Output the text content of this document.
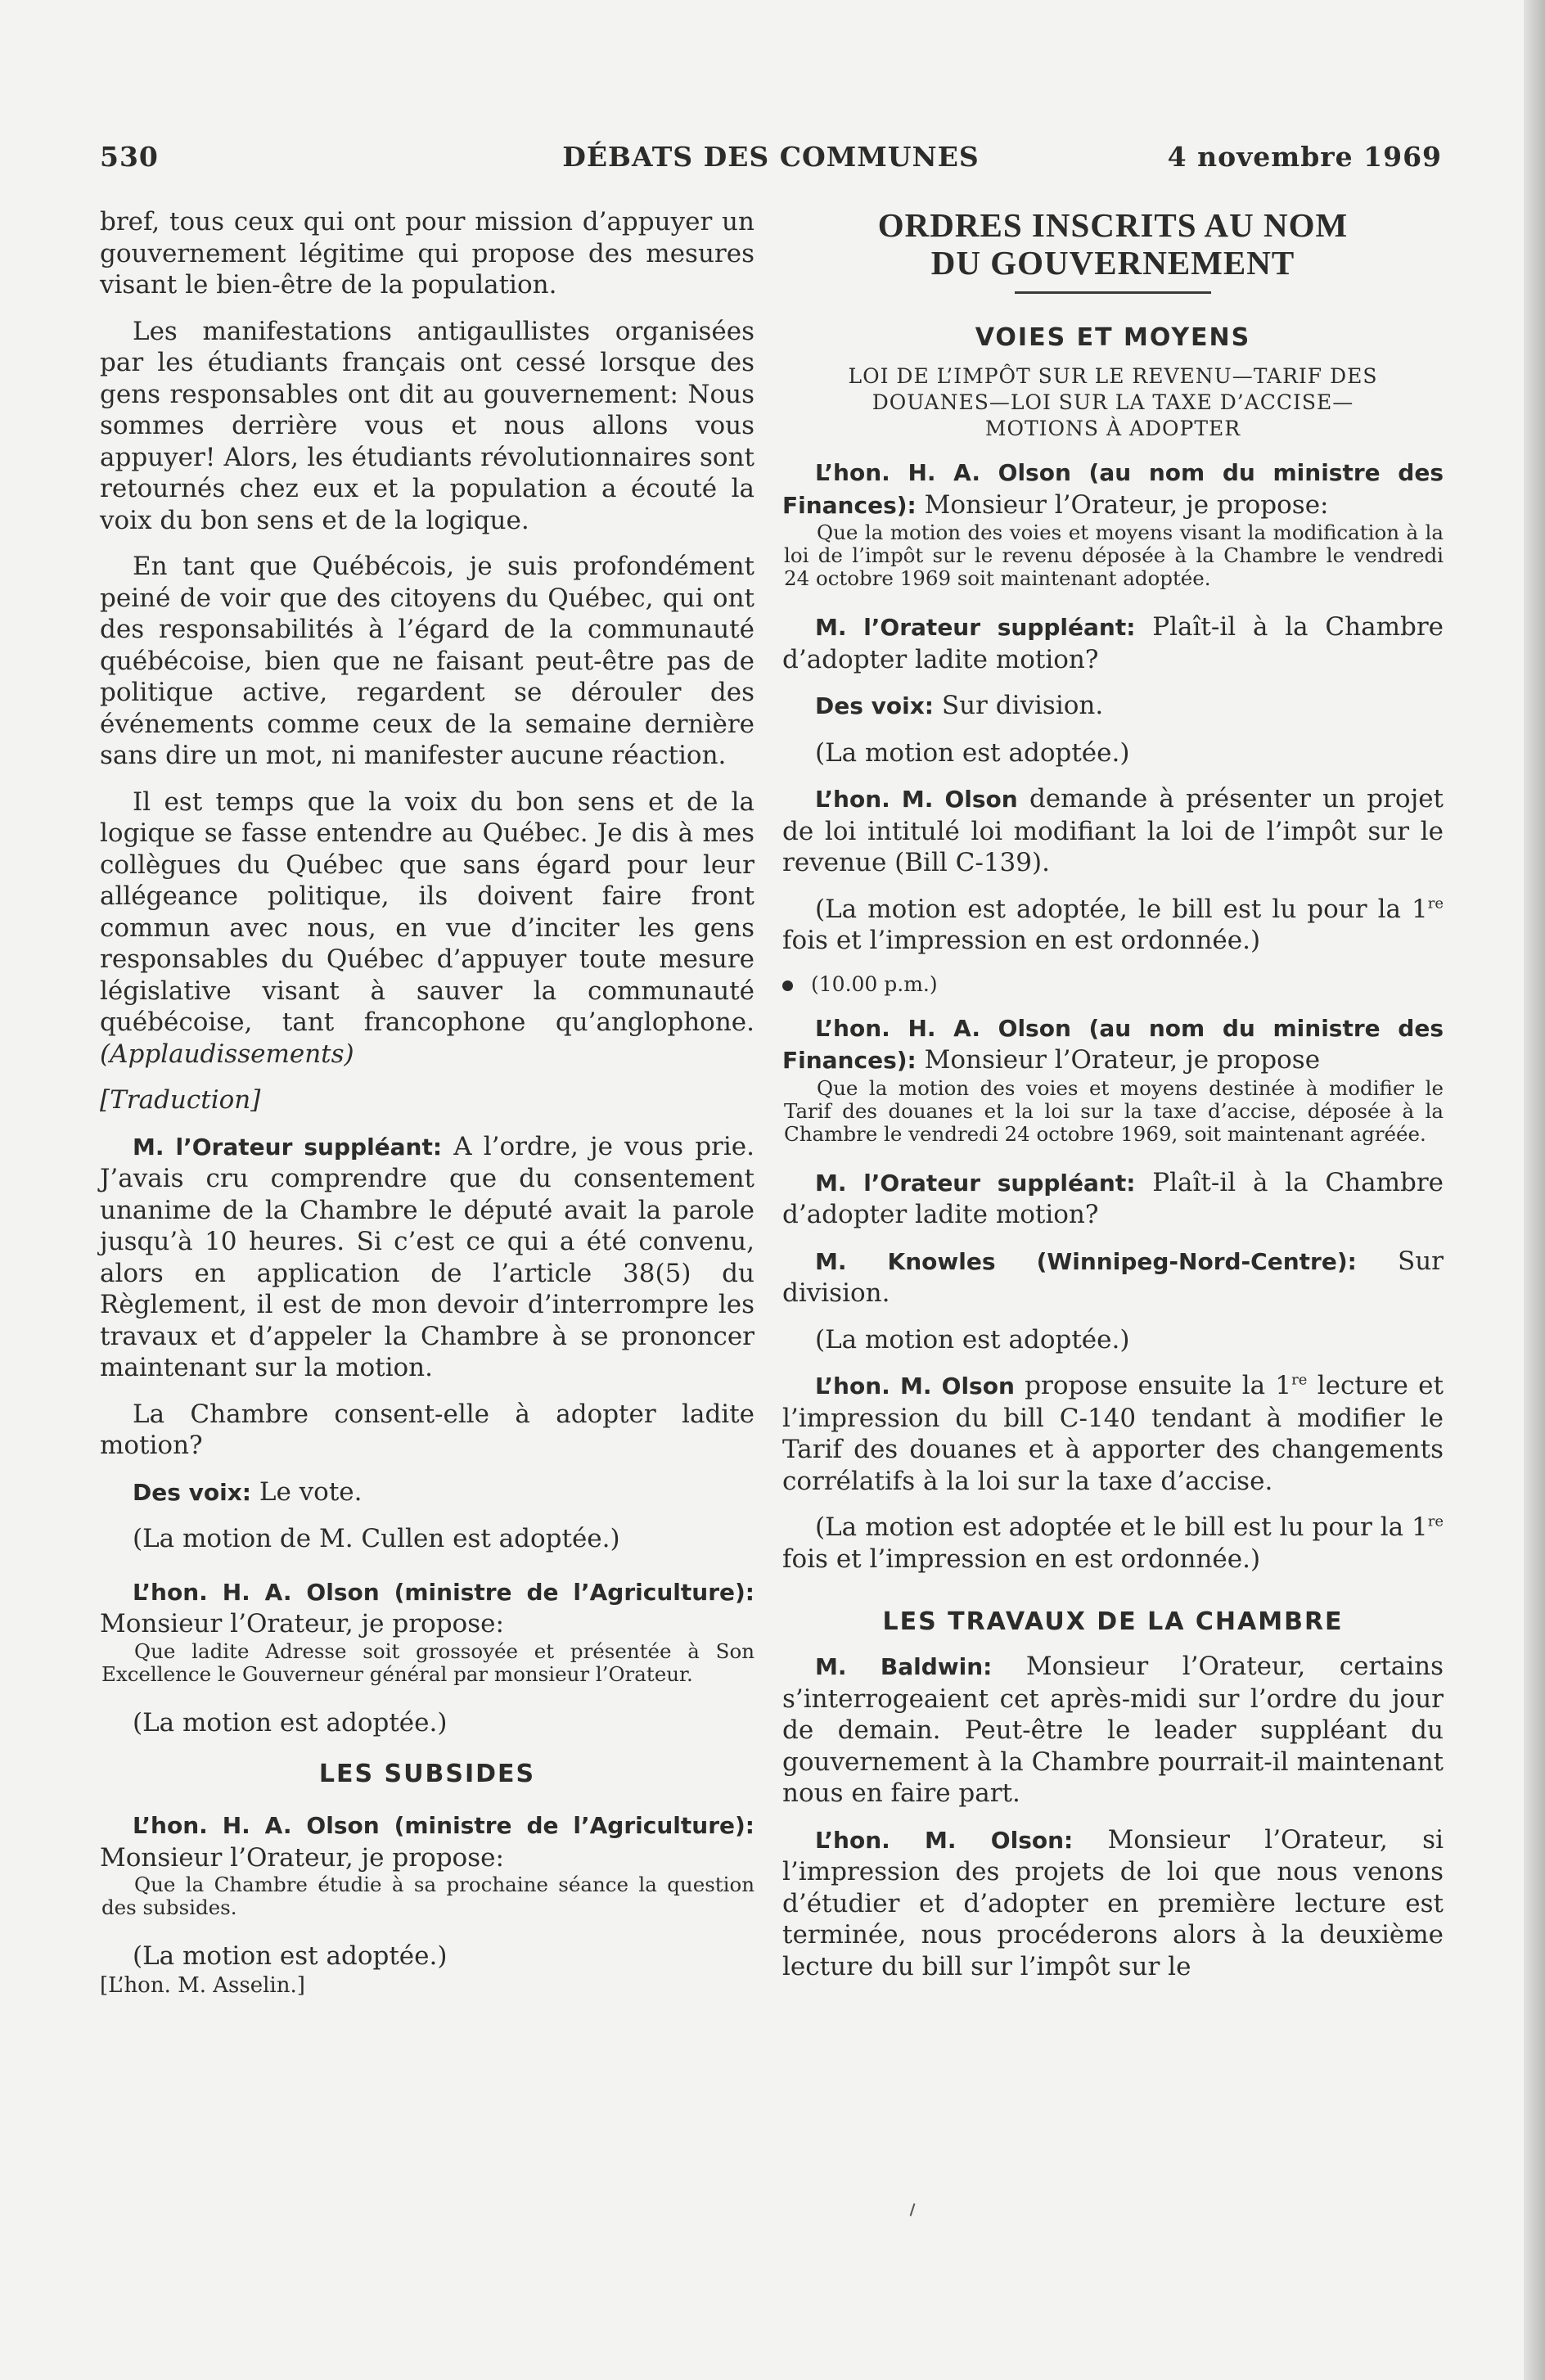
530	DÉBATS DES COMMUNES	4 novembre 1969

bref, tous ceux qui ont pour mission d’appuyer un gouvernement légitime qui propose des mesures visant le bien-être de la population.

Les manifestations antigaullistes organisées par les étudiants français ont cessé lorsque des gens responsables ont dit au gouvernement: Nous sommes derrière vous et nous allons vous appuyer! Alors, les étudiants révolutionnaires sont retournés chez eux et la population a écouté la voix du bon sens et de la logique.

En tant que Québécois, je suis profondément peiné de voir que des citoyens du Québec, qui ont des responsabilités à l’égard de la communauté québécoise, bien que ne faisant peut-être pas de politique active, regardent se dérouler des événements comme ceux de la semaine dernière sans dire un mot, ni manifester aucune réaction.

Il est temps que la voix du bon sens et de la logique se fasse entendre au Québec. Je dis à mes collègues du Québec que sans égard pour leur allégeance politique, ils doivent faire front commun avec nous, en vue d’inciter les gens responsables du Québec d’appuyer toute mesure législative visant à sauver la communauté québécoise, tant francophone qu’anglophone. (Applaudissements)

[Traduction]

M. l’Orateur suppléant: A l’ordre, je vous prie. J’avais cru comprendre que du consentement unanime de la Chambre le député avait la parole jusqu’à 10 heures. Si c’est ce qui a été convenu, alors en application de l’article 38(5) du Règlement, il est de mon devoir d’interrompre les travaux et d’appeler la Chambre à se prononcer maintenant sur la motion.

La Chambre consent-elle à adopter ladite motion?

Des voix: Le vote.

(La motion de M. Cullen est adoptée.)

L’hon. H. A. Olson (ministre de l’Agriculture): Monsieur l’Orateur, je propose:

Que ladite Adresse soit grossoyée et présentée à Son Excellence le Gouverneur général par monsieur l’Orateur.

(La motion est adoptée.)

LES SUBSIDES

L’hon. H. A. Olson (ministre de l’Agriculture): Monsieur l’Orateur, je propose:

Que la Chambre étudie à sa prochaine séance la question des subsides.

(La motion est adoptée.)

[L’hon. M. Asselin.]

ORDRES INSCRITS AU NOM
DU GOUVERNEMENT
VOIES ET MOYENS
LOI DE L’IMPÔT SUR LE REVENU—TARIF DES
DOUANES—LOI SUR LA TAXE D’ACCISE—
MOTIONS À ADOPTER

L’hon. H. A. Olson (au nom du ministre des Finances): Monsieur l’Orateur, je propose:

Que la motion des voies et moyens visant la modification à la loi de l’impôt sur le revenu déposée à la Chambre le vendredi 24 octobre 1969 soit maintenant adoptée.

M. l’Orateur suppléant: Plaît-il à la Chambre d’adopter ladite motion?

Des voix: Sur division.

(La motion est adoptée.)

L’hon. M. Olson demande à présenter un projet de loi intitulé loi modifiant la loi de l’impôt sur le revenue (Bill C-139).

(La motion est adoptée, le bill est lu pour la 1re fois et l’impression en est ordonnée.)

(10.00 p.m.)

L’hon. H. A. Olson (au nom du ministre des Finances): Monsieur l’Orateur, je propose

Que la motion des voies et moyens destinée à modifier le Tarif des douanes et la loi sur la taxe d’accise, déposée à la Chambre le vendredi 24 octobre 1969, soit maintenant agréée.

M. l’Orateur suppléant: Plaît-il à la Chambre d’adopter ladite motion?

M. Knowles (Winnipeg-Nord-Centre): Sur division.

(La motion est adoptée.)

L’hon. M. Olson propose ensuite la 1re lecture et l’impression du bill C-140 tendant à modifier le Tarif des douanes et à apporter des changements corrélatifs à la loi sur la taxe d’accise.

(La motion est adoptée et le bill est lu pour la 1re fois et l’impression en est ordonnée.)

LES TRAVAUX DE LA CHAMBRE

M. Baldwin: Monsieur l’Orateur, certains s’interrogeaient cet après-midi sur l’ordre du jour de demain. Peut-être le leader suppléant du gouvernement à la Chambre pourrait-il maintenant nous en faire part.

L’hon. M. Olson: Monsieur l’Orateur, si l’impression des projets de loi que nous venons d’étudier et d’adopter en première lecture est terminée, nous procéderons alors à la deuxième lecture du bill sur l’impôt sur le
